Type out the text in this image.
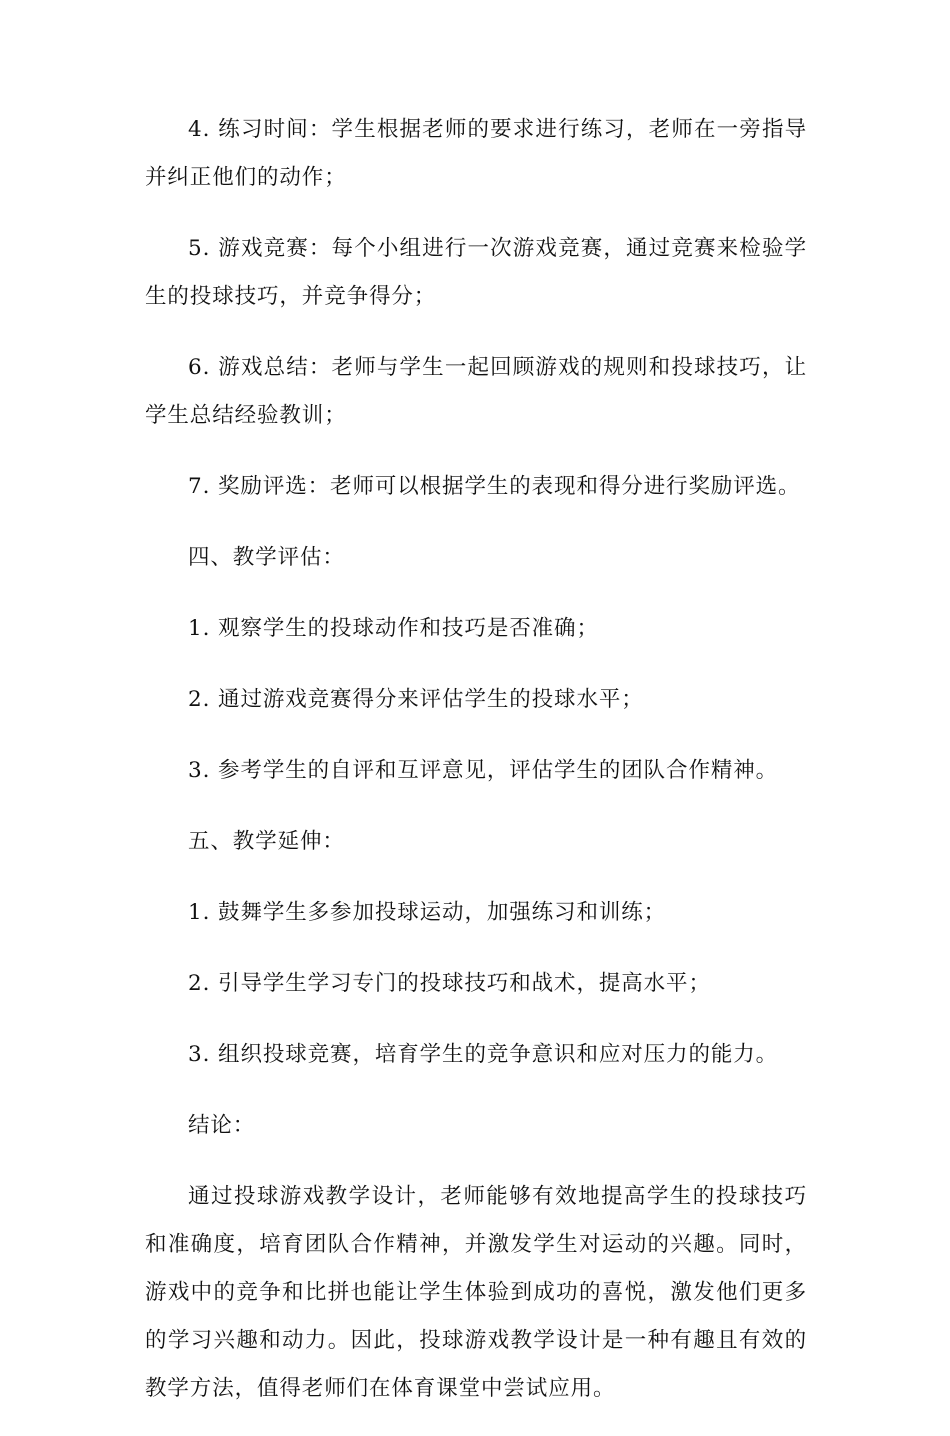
4. 练习时间：学生根据老师的要求进行练习，老师在一旁指导并纠正他们的动作；

5. 游戏竞赛：每个小组进行一次游戏竞赛，通过竞赛来检验学生的投球技巧，并竞争得分；

6. 游戏总结：老师与学生一起回顾游戏的规则和投球技巧，让学生总结经验教训；

7. 奖励评选：老师可以根据学生的表现和得分进行奖励评选。

四、教学评估：

1. 观察学生的投球动作和技巧是否准确；

2. 通过游戏竞赛得分来评估学生的投球水平；

3. 参考学生的自评和互评意见，评估学生的团队合作精神。

五、教学延伸：

1. 鼓舞学生多参加投球运动，加强练习和训练；

2. 引导学生学习专门的投球技巧和战术，提高水平；

3. 组织投球竞赛，培育学生的竞争意识和应对压力的能力。

结论：

通过投球游戏教学设计，老师能够有效地提高学生的投球技巧和准确度，培育团队合作精神，并激发学生对运动的兴趣。同时，游戏中的竞争和比拼也能让学生体验到成功的喜悦，激发他们更多的学习兴趣和动力。因此，投球游戏教学设计是一种有趣且有效的教学方法，值得老师们在体育课堂中尝试应用。
